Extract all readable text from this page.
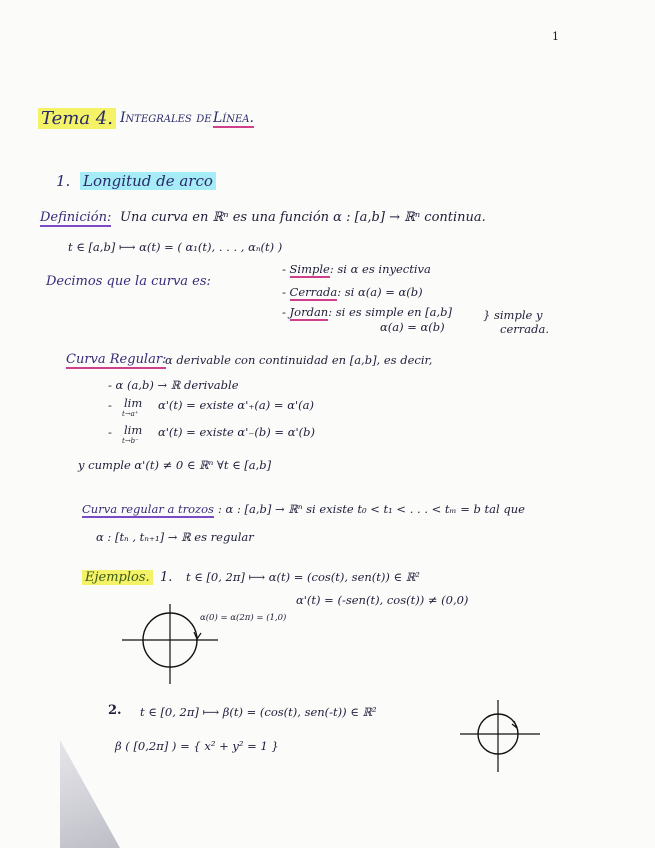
1
Tema 4. Integrales de Línea.
1. Longitud de arco
Definición: Una curva en ℝⁿ es una función α : [a,b] → ℝⁿ continua.
t ∈ [a,b] ⟼ α(t) = ( α₁(t), . . . , αₙ(t) )
Decimos que la curva es:
- Simple: si α es inyectiva
- Cerrada: si α(a) = α(b)
- Jordan: si es simple en [a,b]
α(a) = α(b)
} simple y
cerrada.
Curva Regular:
α derivable con continuidad en [a,b], es decir,
- α (a,b) → ℝ derivable
- lim
t→a⁺
α'(t) = existe α'₊(a) = α'(a)
- lim
t→b⁻
α'(t) = existe α'₋(b) = α'(b)
y cumple α'(t) ≠ 0 ∈ ℝⁿ ∀t ∈ [a,b]
Curva regular a trozos : α : [a,b] → ℝⁿ si existe t₀ < t₁ < . . . < tₘ = b tal que
α : [tₙ , tₙ₊₁] → ℝ es regular
Ejemplos. 1. t ∈ [0, 2π] ⟼ α(t) = (cos(t), sen(t)) ∈ ℝ²
α'(t) = (-sen(t), cos(t)) ≠ (0,0)
α(0) = α(2π) = (1,0)
2. t ∈ [0, 2π] ⟼ β(t) = (cos(t), sen(-t)) ∈ ℝ²
β ( [0,2π] ) = { x² + y² = 1 }
